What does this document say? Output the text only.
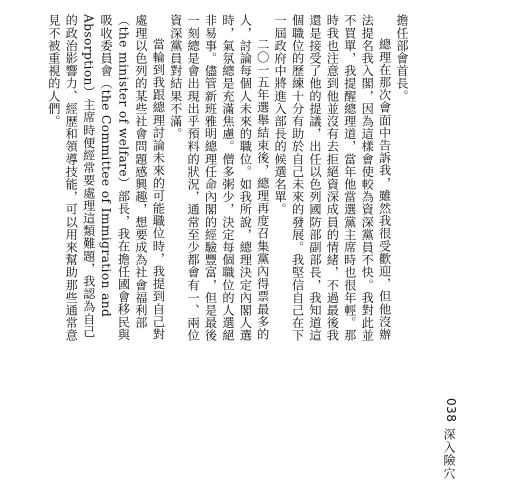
擔任部會首長。

總理在那次會面中告訴我，雖然我很受歡迎，但他沒辦法提名我入閣，因為這樣會使較為資深黨員不快。我對此並不買單，我提醒總理道，當年他當選黨主席時也很年輕。那時我也注意到他並沒有去拒絕資深成員的情緒，不過最後我還是接受了他的提議，出任以色列國防部副部長，我知道這個職位的歷練十分有助於自己未來的發展。我堅信自己在下一屆政府中將進入部長的候選名單。

二〇一五年選舉結束後，總理再度召集黨內得票最多的人，討論每個人未來的職位。如我所說，總理決定內閣人選時，氣氛總是充滿焦慮。僧多粥少，決定每個職位的人選絕非易事。儘管新班雅明總理任命內閣的經驗豐富，但是最後一刻總是會出現出乎預料的狀況，通常至少都會有一、兩位資深黨員對結果不滿。

當輪到我跟總理討論未來的可能職位時，我提到自己對處理以色列的某些社會問題感興趣，想要成為社會福利部（the minister of welfare）部長，我在擔任國會移民與吸收委員會（the Committee of Immigration and Absorption）主席時便經常要處理這類難題，我認為自己的政治影響力、經歷和領導技能，可以用來幫助那些通常意見不被重視的人們。

038
深入險穴
